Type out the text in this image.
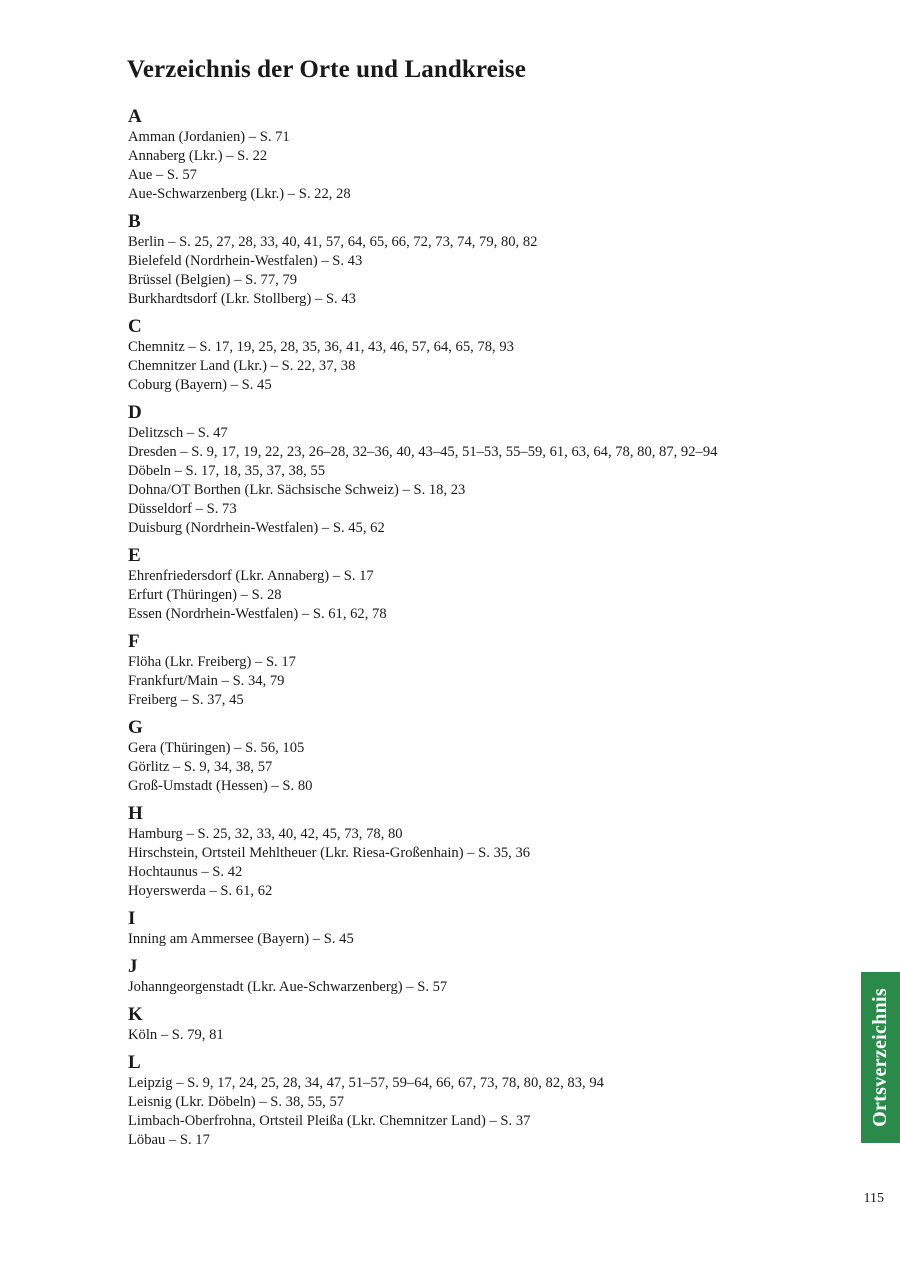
Verzeichnis der Orte und Landkreise
A
Amman (Jordanien) – S. 71
Annaberg (Lkr.) – S. 22
Aue – S. 57
Aue-Schwarzenberg (Lkr.) – S. 22, 28
B
Berlin – S. 25, 27, 28, 33, 40, 41, 57, 64, 65, 66, 72, 73, 74, 79, 80, 82
Bielefeld (Nordrhein-Westfalen) – S. 43
Brüssel (Belgien) – S. 77, 79
Burkhardtsdorf (Lkr. Stollberg) – S. 43
C
Chemnitz – S. 17, 19, 25, 28, 35, 36, 41, 43, 46, 57, 64, 65, 78, 93
Chemnitzer Land (Lkr.) – S. 22, 37, 38
Coburg (Bayern) – S. 45
D
Delitzsch – S. 47
Dresden – S. 9, 17, 19, 22, 23, 26–28, 32–36, 40, 43–45, 51–53, 55–59, 61, 63, 64, 78, 80, 87, 92–94
Döbeln – S. 17, 18, 35, 37, 38, 55
Dohna/OT Borthen (Lkr. Sächsische Schweiz) – S. 18, 23
Düsseldorf – S. 73
Duisburg (Nordrhein-Westfalen) – S. 45, 62
E
Ehrenfriedersdorf (Lkr. Annaberg) – S. 17
Erfurt (Thüringen) – S. 28
Essen (Nordrhein-Westfalen) – S. 61, 62, 78
F
Flöha (Lkr. Freiberg) – S. 17
Frankfurt/Main – S. 34, 79
Freiberg – S. 37, 45
G
Gera (Thüringen) – S. 56, 105
Görlitz – S. 9, 34, 38, 57
Groß-Umstadt (Hessen) – S. 80
H
Hamburg – S. 25, 32, 33, 40, 42, 45, 73, 78, 80
Hirschstein, Ortsteil Mehltheuer (Lkr. Riesa-Großenhain) – S. 35, 36
Hochtaunus – S. 42
Hoyerswerda – S. 61, 62
I
Inning am Ammersee (Bayern) – S. 45
J
Johanngeorgenstadt (Lkr. Aue-Schwarzenberg) – S. 57
K
Köln – S. 79, 81
L
Leipzig – S. 9, 17, 24, 25, 28, 34, 47, 51–57, 59–64, 66, 67, 73, 78, 80, 82, 83, 94
Leisnig (Lkr. Döbeln) – S. 38, 55, 57
Limbach-Oberfrohna, Ortsteil Pleißa (Lkr. Chemnitzer Land) – S. 37
Löbau – S. 17
Ortsverzeichnis
115
